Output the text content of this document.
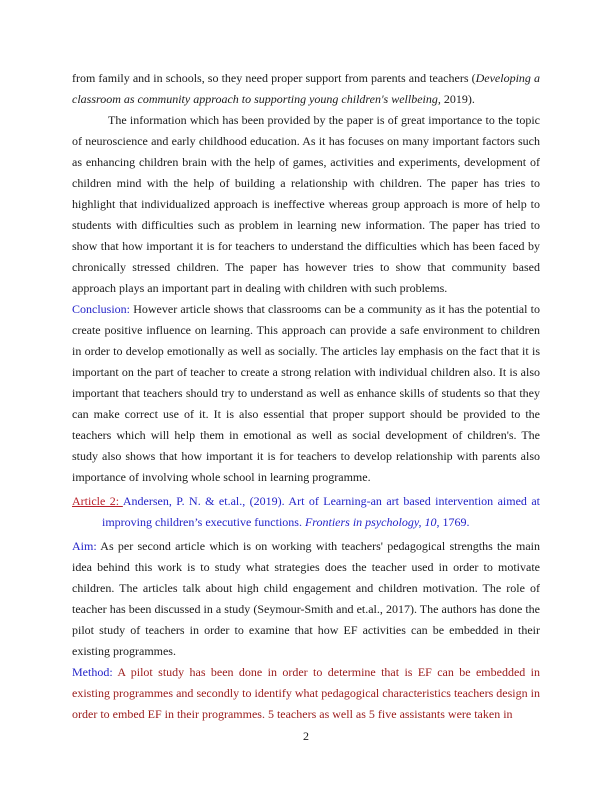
from family and in schools, so they need proper support from parents and teachers (Developing a classroom as community approach to supporting young children's wellbeing, 2019).

The information which has been provided by the paper is of great importance to the topic of neuroscience and early childhood education. As it has focuses on many important factors such as enhancing children brain with the help of games, activities and experiments, development of children mind with the help of building a relationship with children. The paper has tries to highlight that individualized approach is ineffective whereas group approach is more of help to students with difficulties such as problem in learning new information. The paper has tried to show that how important it is for teachers to understand the difficulties which has been faced by chronically stressed children. The paper has however tries to show that community based approach plays an important part in dealing with children with such problems.

Conclusion: However article shows that classrooms can be a community as it has the potential to create positive influence on learning. This approach can provide a safe environment to children in order to develop emotionally as well as socially. The articles lay emphasis on the fact that it is important on the part of teacher to create a strong relation with individual children also. It is also important that teachers should try to understand as well as enhance skills of students so that they can make correct use of it. It is also essential that proper support should be provided to the teachers which will help them in emotional as well as social development of children's. The study also shows that how important it is for teachers to develop relationship with parents also importance of involving whole school in learning programme.

Article 2: Andersen, P. N. & et.al., (2019). Art of Learning-an art based intervention aimed at improving children’s executive functions. Frontiers in psychology, 10, 1769.

Aim: As per second article which is on working with teachers' pedagogical strengths the main idea behind this work is to study what strategies does the teacher used in order to motivate children. The articles talk about high child engagement and children motivation. The role of teacher has been discussed in a study (Seymour-Smith and et.al., 2017). The authors has done the pilot study of teachers in order to examine that how EF activities can be embedded in their existing programmes.

Method: A pilot study has been done in order to determine that is EF can be embedded in existing programmes and secondly to identify what pedagogical characteristics teachers design in order to embed EF in their programmes. 5 teachers as well as 5 five assistants were taken in

2
